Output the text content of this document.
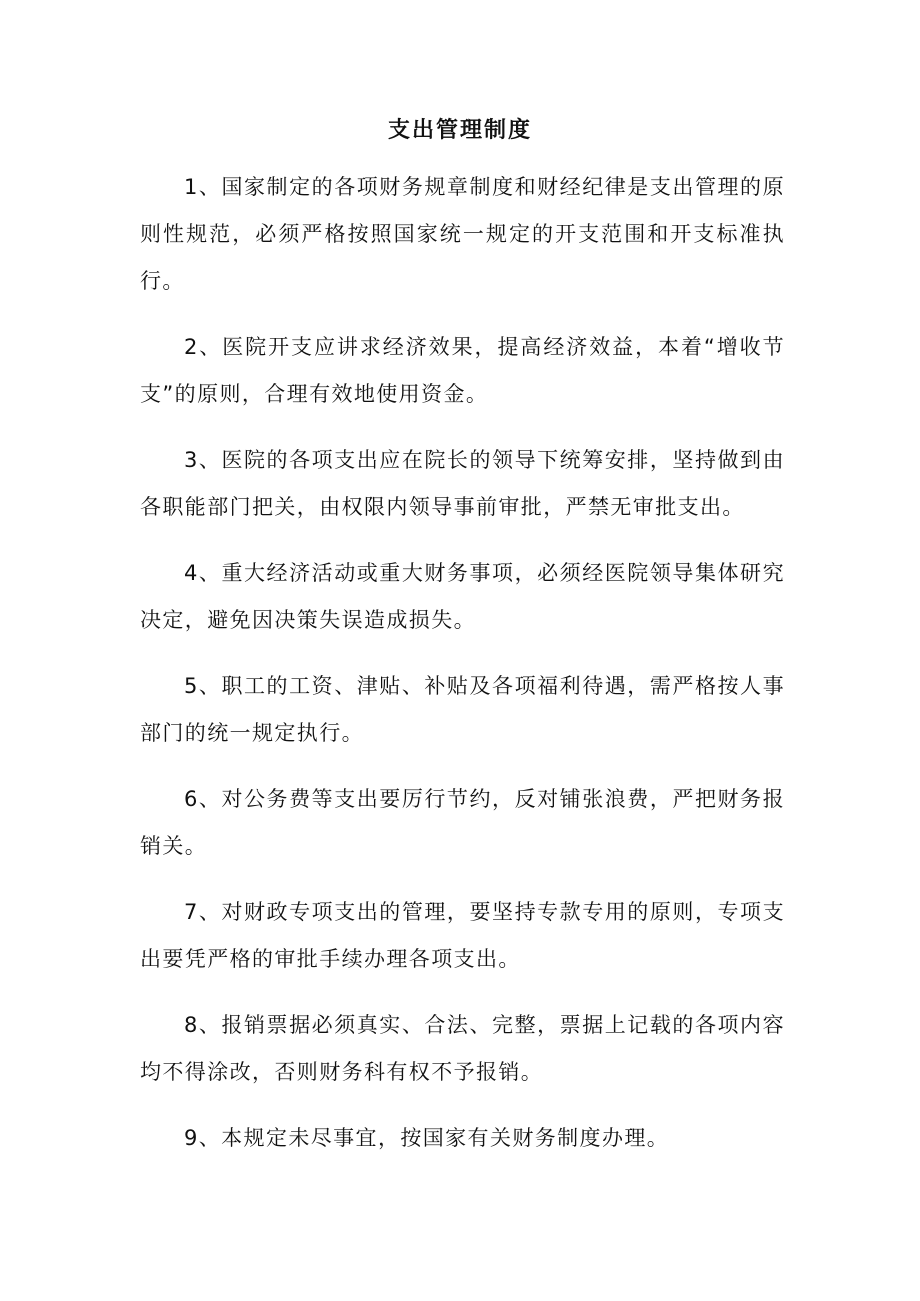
支出管理制度

1、国家制定的各项财务规章制度和财经纪律是支出管理的原则性规范，必须严格按照国家统一规定的开支范围和开支标准执行。

2、医院开支应讲求经济效果，提高经济效益，本着“增收节支”的原则，合理有效地使用资金。

3、医院的各项支出应在院长的领导下统筹安排，坚持做到由各职能部门把关，由权限内领导事前审批，严禁无审批支出。

4、重大经济活动或重大财务事项，必须经医院领导集体研究决定，避免因决策失误造成损失。

5、职工的工资、津贴、补贴及各项福利待遇，需严格按人事部门的统一规定执行。

6、对公务费等支出要厉行节约，反对铺张浪费，严把财务报销关。

7、对财政专项支出的管理，要坚持专款专用的原则，专项支出要凭严格的审批手续办理各项支出。

8、报销票据必须真实、合法、完整，票据上记载的各项内容均不得涂改，否则财务科有权不予报销。

9、本规定未尽事宜，按国家有关财务制度办理。
